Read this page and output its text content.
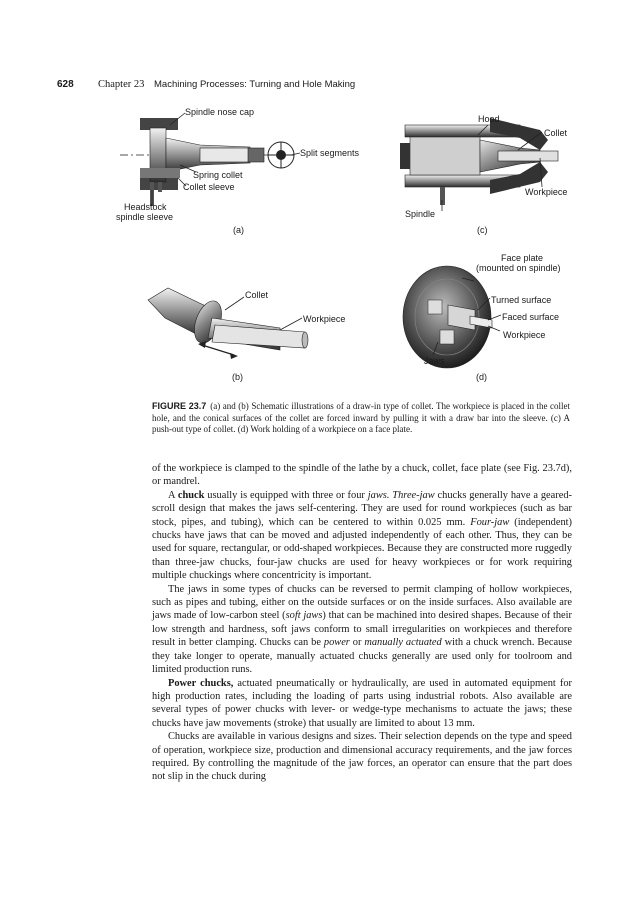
628 Chapter 23 Machining Processes: Turning and Hole Making
Spindle nose cap
Split segments
Spring collet
Collet sleeve
Headstock
spindle sleeve
(a)
Hood
Collet
Workpiece
Spindle
(c)
Collet
Workpiece
(b)
Face plate
(mounted on spindle)
Turned surface
Faced surface
Workpiece
Jaws
(d)
FIGURE 23.7 (a) and (b) Schematic illustrations of a draw-in type of collet. The workpiece is placed in the collet hole, and the conical surfaces of the collet are forced inward by pulling it with a draw bar into the sleeve. (c) A push-out type of collet. (d) Work holding of a workpiece on a face plate.

of the workpiece is clamped to the spindle of the lathe by a chuck, collet, face plate (see Fig. 23.7d), or mandrel.

A chuck usually is equipped with three or four jaws. Three-jaw chucks generally have a geared-scroll design that makes the jaws self-centering. They are used for round workpieces (such as bar stock, pipes, and tubing), which can be centered to within 0.025 mm. Four-jaw (independent) chucks have jaws that can be moved and adjusted independently of each other. Thus, they can be used for square, rectangular, or odd-shaped workpieces. Because they are constructed more ruggedly than three-jaw chucks, four-jaw chucks are used for heavy workpieces or for work requiring multiple chuckings where concentricity is important.

The jaws in some types of chucks can be reversed to permit clamping of hollow workpieces, such as pipes and tubing, either on the outside surfaces or on the inside surfaces. Also available are jaws made of low-carbon steel (soft jaws) that can be machined into desired shapes. Because of their low strength and hardness, soft jaws conform to small irregularities on workpieces and therefore result in better clamping. Chucks can be power or manually actuated with a chuck wrench. Because they take longer to operate, manually actuated chucks generally are used only for toolroom and limited production runs.

Power chucks, actuated pneumatically or hydraulically, are used in automated equipment for high production rates, including the loading of parts using industrial robots. Also available are several types of power chucks with lever- or wedge-type mechanisms to actuate the jaws; these chucks have jaw movements (stroke) that usually are limited to about 13 mm.

Chucks are available in various designs and sizes. Their selection depends on the type and speed of operation, workpiece size, production and dimensional accuracy requirements, and the jaw forces required. By controlling the magnitude of the jaw forces, an operator can ensure that the part does not slip in the chuck during
